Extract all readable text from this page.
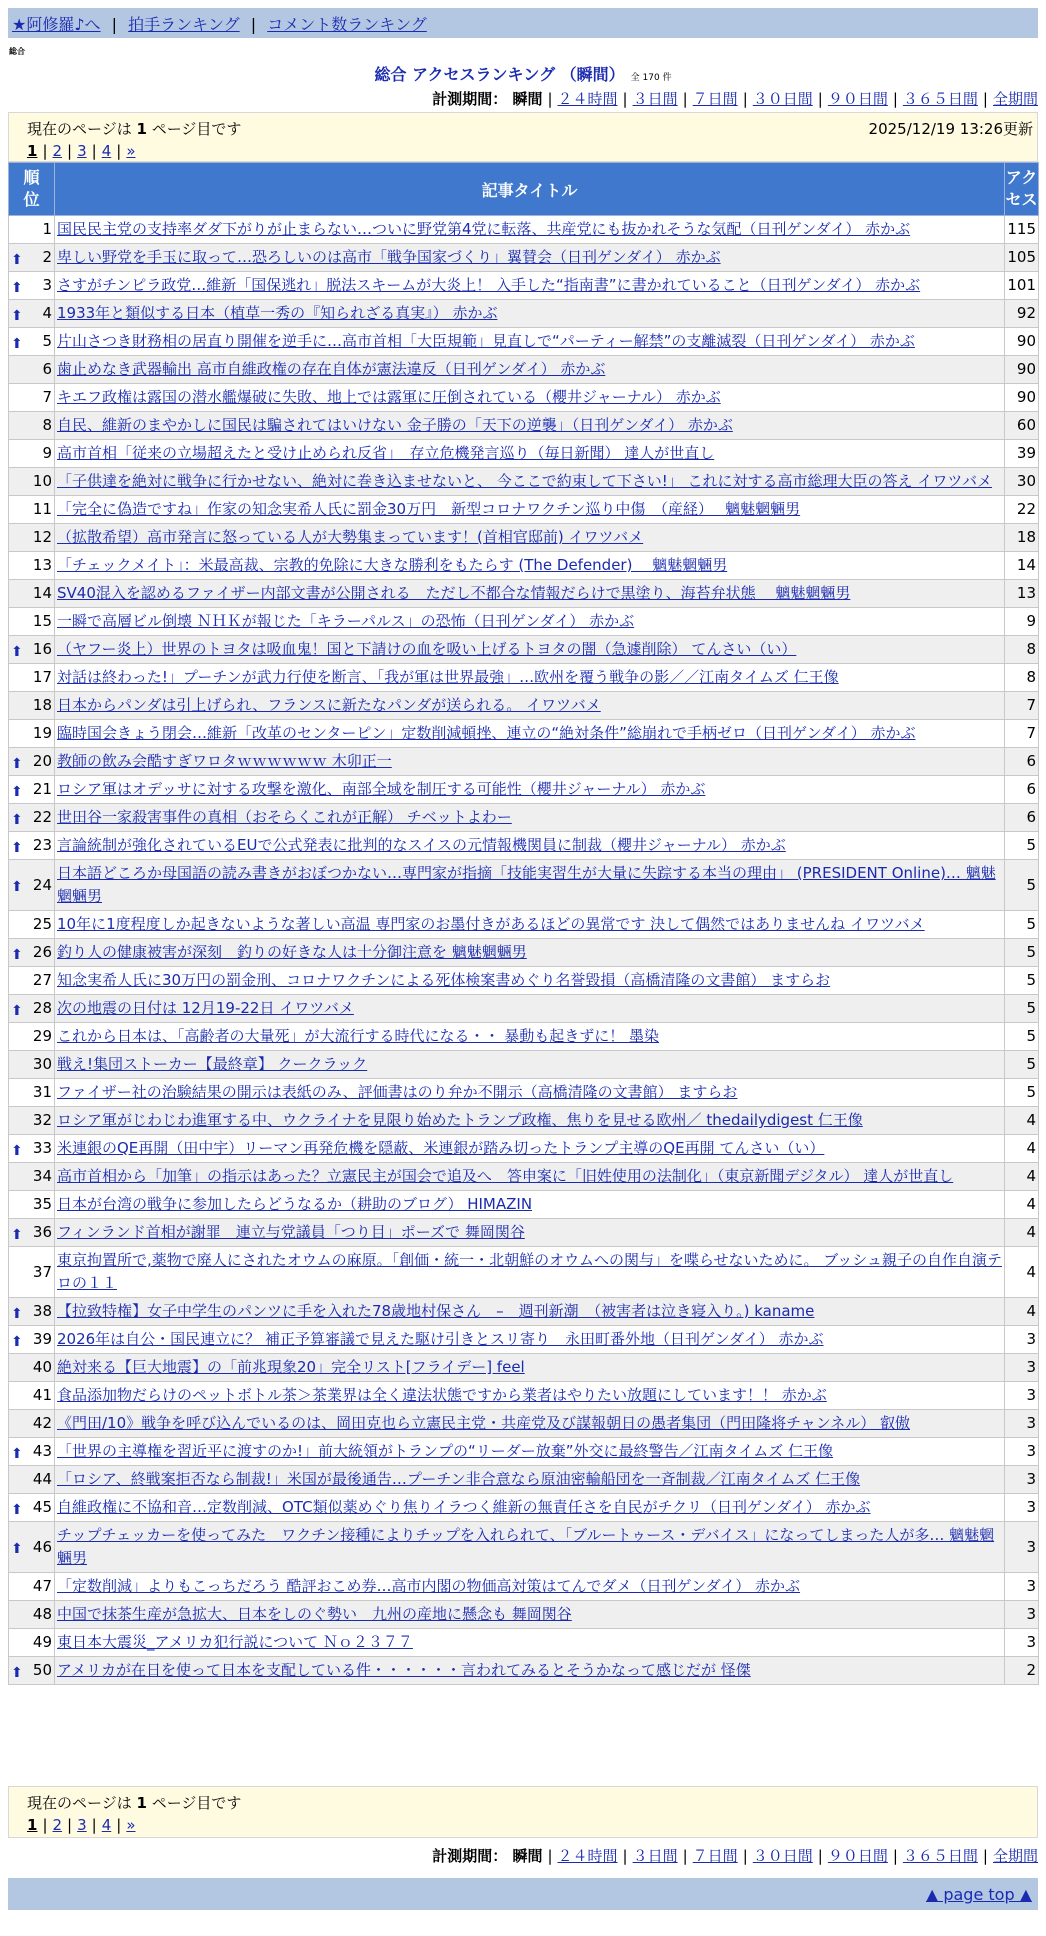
★阿修羅♪へ | 拍手ランキング | コメント数ランキング
総合
総合 アクセスランキング （瞬間） 全 170 件
計測期間： 瞬間 | ２４時間 | ３日間 | ７日間 | ３０日間 | ９０日間 | ３６５日間 | 全期間
現在のページは 1 ページ目です	2025/12/19 13:26更新
1 | 2 | 3 | 4 | »
順
位	記事タイトル	アク
セス
1	国民民主党の支持率ダダ下がりが止まらない…ついに野党第4党に転落、共産党にも抜かれそうな気配（日刊ゲンダイ） 赤かぶ	115

⬆ 2	卑しい野党を手玉に取って…恐ろしいのは高市「戦争国家づくり」翼賛会（日刊ゲンダイ） 赤かぶ	105

⬆ 3	さすがチンピラ政党…維新「国保逃れ」脱法スキームが大炎上！ 入手した“指南書”に書かれていること（日刊ゲンダイ） 赤かぶ	101

⬆ 4	1933年と類似する日本（植草一秀の『知られざる真実』） 赤かぶ	92

⬆ 5	片山さつき財務相の居直り開催を逆手に…高市首相「大臣規範」見直しで“パーティー解禁”の支離滅裂（日刊ゲンダイ） 赤かぶ	90
6	歯止めなき武器輸出 高市自維政権の存在自体が憲法違反（日刊ゲンダイ） 赤かぶ	90
7	キエフ政権は露国の潜水艦爆破に失敗、地上では露軍に圧倒されている（櫻井ジャーナル） 赤かぶ	90
8	自民、維新のまやかしに国民は騙されてはいけない 金子勝の「天下の逆襲」（日刊ゲンダイ） 赤かぶ	60
9	高市首相「従来の立場超えたと受け止められ反省」　存立危機発言巡り（毎日新聞） 達人が世直し	39
10	「子供達を絶対に戦争に行かせない、絶対に巻き込ませないと、 今ここで約束して下さい!」 これに対する高市総理大臣の答え イワツバメ	30
11	「完全に偽造ですね」作家の知念実希人氏に罰金30万円　新型コロナワクチン巡り中傷　（産経）　 魑魅魍魎男	22
12	（拡散希望）高市発言に怒っている人が大勢集まっています！(首相官邸前) イワツバメ	18
13	「チェックメイト」：米最高裁、宗教的免除に大きな勝利をもたらす (The Defender)　 魑魅魍魎男	14
14	SV40混入を認めるファイザー内部文書が公開される　ただし不都合な情報だらけで黒塗り、海苔弁状態　 魑魅魍魎男	13
15	一瞬で高層ビル倒壊 ＮＨＫが報じた「キラーパルス」の恐怖（日刊ゲンダイ） 赤かぶ	9

⬆ 16	（ヤフー炎上）世界のトヨタは吸血鬼！国と下請けの血を吸い上げるトヨタの闇（急遽削除） てんさい（い）	8
17	対話は終わった!」プーチンが武力行使を断言、「我が軍は世界最強」…欧州を覆う戦争の影／／江南タイムズ 仁王像	8
18	日本からパンダは引上げられ、フランスに新たなパンダが送られる。 イワツバメ	7
19	臨時国会きょう閉会…維新「改革のセンターピン」定数削減頓挫、連立の“絶対条件”総崩れで手柄ゼロ（日刊ゲンダイ） 赤かぶ	7

⬆ 20	教師の飲み会酷すぎワロタｗｗｗｗｗｗ 木卯正一	6

⬆ 21	ロシア軍はオデッサに対する攻撃を激化、南部全域を制圧する可能性（櫻井ジャーナル） 赤かぶ	6

⬆ 22	世田谷一家殺害事件の真相（おそらくこれが正解） チベットよわー	6

⬆ 23	言論統制が強化されているEUで公式発表に批判的なスイスの元情報機関員に制裁（櫻井ジャーナル） 赤かぶ	5

⬆ 24	日本語どころか母国語の読み書きがおぼつかない…専門家が指摘「技能実習生が大量に失踪する本当の理由」 (PRESIDENT Online)… 魑魅魍魎男	5
25	10年に1度程度しか起きないような著しい高温 専門家のお墨付きがあるほどの異常です 決して偶然ではありませんね イワツバメ	5

⬆ 26	釣り人の健康被害が深刻　釣りの好きな人は十分御注意を 魑魅魍魎男	5
27	知念実希人氏に30万円の罰金刑、コロナワクチンによる死体検案書めぐり名誉毀損（高橋清隆の文書館） ますらお	5

⬆ 28	次の地震の日付は 12月19-22日 イワツバメ	5
29	これから日本は、「高齢者の大量死」が大流行する時代になる・・ 暴動も起きずに！ 墨染	5
30	戦え!集団ストーカー【最終章】 クークラック	5
31	ファイザー社の治験結果の開示は表紙のみ、評価書はのり弁か不開示（高橋清隆の文書館） ますらお	5
32	ロシア軍がじわじわ進軍する中、ウクライナを見限り始めたトランプ政権、焦りを見せる欧州／ thedailydigest 仁王像	4

⬆ 33	米連銀のQE再開（田中宇）リーマン再発危機を隠蔽、米連銀が踏み切ったトランプ主導のQE再開 てんさい（い）	4
34	高市首相から「加筆」の指示はあった？立憲民主が国会で追及へ　答申案に「旧姓使用の法制化」（東京新聞デジタル） 達人が世直し	4
35	日本が台湾の戦争に参加したらどうなるか（耕助のブログ） HIMAZIN	4

⬆ 36	フィンランド首相が謝罪　連立与党議員「つり目」ポーズで 舞岡関谷	4
37	東京拘置所で,薬物で廃人にされたオウムの麻原。「創価・統一・北朝鮮のオウムへの関与」を喋らせないために。 ブッシュ親子の自作自演テロの１１	4

⬆ 38	【拉致特権】女子中学生のパンツに手を入れた78歳地村保さん　–　週刊新潮　（被害者は泣き寝入り。) kaname	4

⬆ 39	2026年は自公・国民連立に？ 補正予算審議で見えた駆け引きとスリ寄り　永田町番外地（日刊ゲンダイ） 赤かぶ	3
40	絶対来る【巨大地震】の「前兆現象20」完全リスト[フライデー] feel	3
41	食品添加物だらけのペットボトル茶＞茶業界は全く違法状態ですから業者はやりたい放題にしています！！ 赤かぶ	3
42	《門田/10》戦争を呼び込んでいるのは、岡田克也ら立憲民主党・共産党及び謀報朝日の愚者集団（門田隆将チャンネル） 叡傲	3

⬆ 43	「世界の主導権を習近平に渡すのか!」前大統領がトランプの“リーダー放棄”外交に最終警告／江南タイムズ 仁王像	3
44	「ロシア、終戦案拒否なら制裁!」米国が最後通告…プーチン非合意なら原油密輸船団を一斉制裁／江南タイムズ 仁王像	3

⬆ 45	自維政権に不協和音…定数削減、OTC類似薬めぐり焦りイラつく維新の無責任さを自民がチクリ（日刊ゲンダイ） 赤かぶ	3

⬆ 46	チップチェッカーを使ってみた　ワクチン接種によりチップを入れられて、「ブルートゥース・デバイス」になってしまった人が多… 魑魅魍魎男	3
47	「定数削減」よりもこっちだろう 酷評おこめ券…高市内閣の物価高対策はてんでダメ（日刊ゲンダイ） 赤かぶ	3
48	中国で抹茶生産が急拡大、日本をしのぐ勢い　九州の産地に懸念も 舞岡関谷	3
49	東日本大震災_アメリカ犯行説について Ｎｏ２３７７	3

⬆ 50	アメリカが在日を使って日本を支配している件・・・・・・言われてみるとそうかなって感じだが 怪傑	2
現在のページは 1 ページ目です
1 | 2 | 3 | 4 | »
計測期間： 瞬間 | ２４時間 | ３日間 | ７日間 | ３０日間 | ９０日間 | ３６５日間 | 全期間
▲ page top ▲
